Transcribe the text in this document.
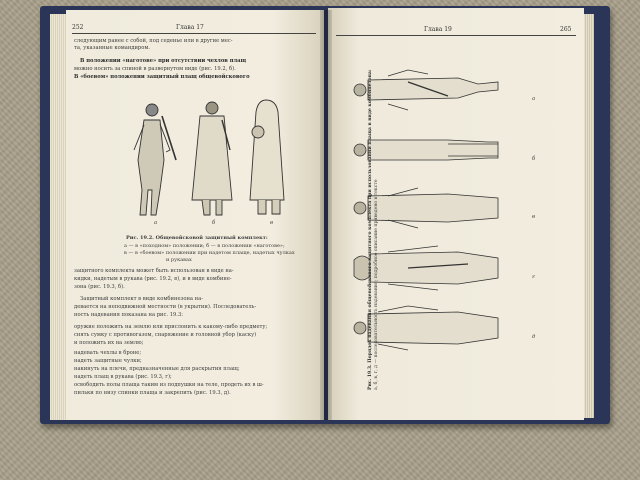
252	Глава 17
следующим ранее с собой, под седенье или в другие мес-
та, указанные командиром.
В положении «наготове» при отсутствии чехлов плащ
можно носить за спиной в развернутом виде (рис. 19.2, б).
В «боевом» положении защитный плащ общевойскового
а	б	в
Рис. 19.2. Общевойсковой защитный комплект:
а — в «походном» положении; б — в положении «наготове»;
в — в «боевом» положении при надетом плаще, надетых чулках
и рукавах
защитного комплекта может быть использован в виде на-
кидки, надетым в рукава (рис. 19.2, в), и в виде комбине-
зона (рис. 19.3, б).
Защитный комплект в виде комбинезона на-
девается на неподвижной местности (в укрытии). Последователь-
ность надевания показана на рис. 19.3:
оружие положить на землю или прислонить к какому-либо предмету;
снять сумку с противогазом, снаряжение и головной убор (каску)
и положить их на землю;
надевать чехлы в броне;
надеть защитные чулки;
накинуть на плечи, предназначенные для раскрытия плащ;
надеть плащ в рукава (рис. 19.3, г);
освободить полы плаща таким из подпушки на теле, продеть их в ш-
пильки по низу спинки плаща и закрепить (рис. 19.3, д).
Глава 19	265
а
б
в
г
д
Рис. 19.3. Порядок надевания общевойскового защитного комплекта при использовании плаща в виде комбинезона: а, б, в, г, д — последовательность надевания; подробное описание приведено в тексте
